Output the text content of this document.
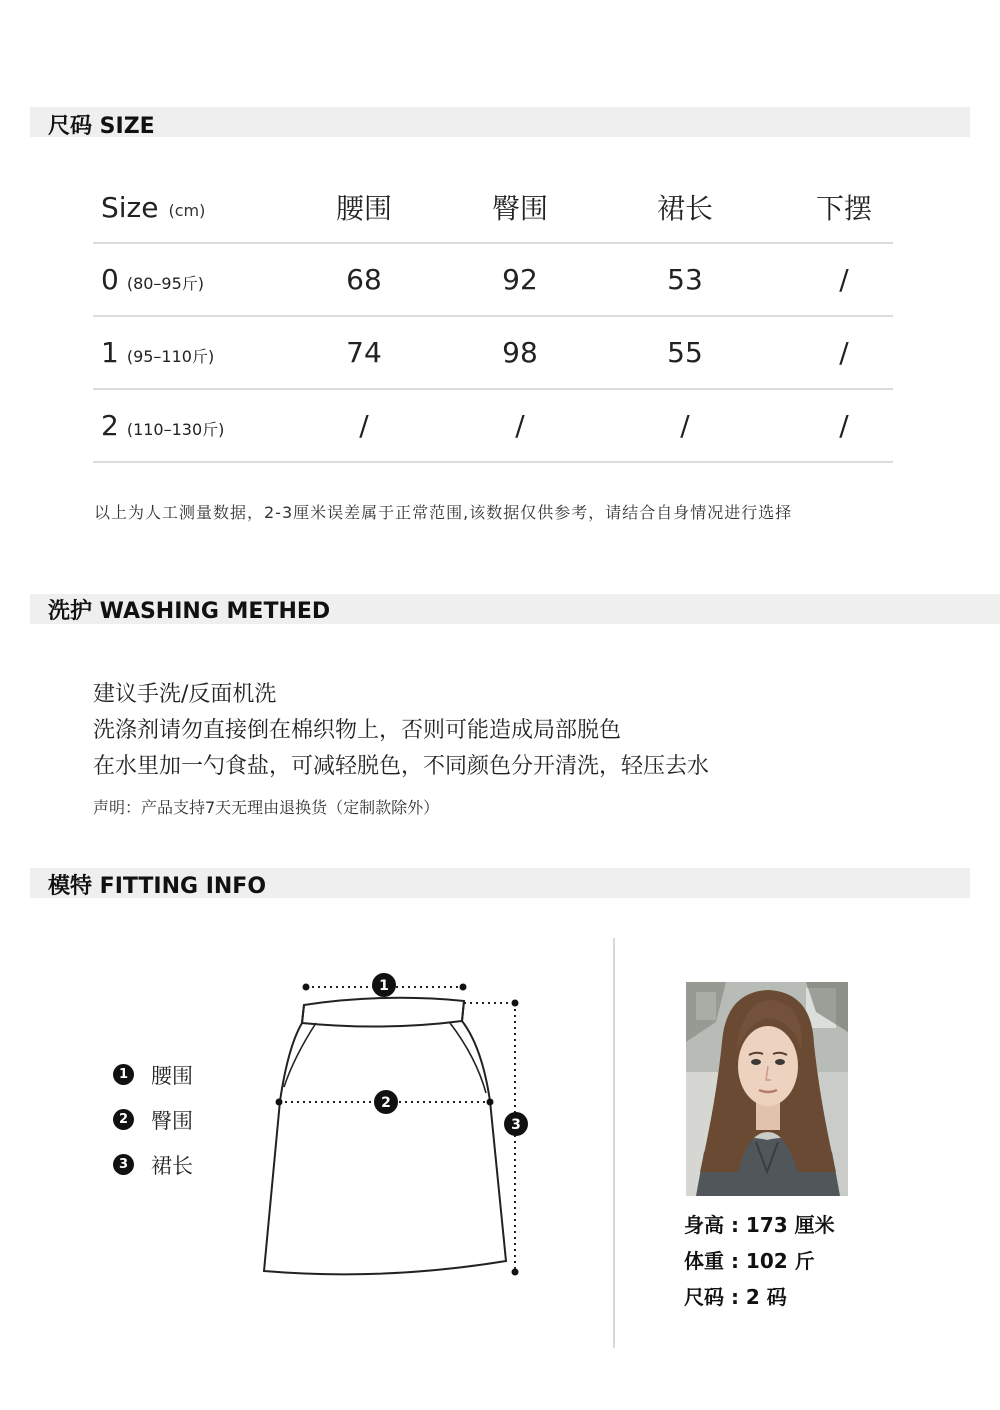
尺码 SIZE
Size (cm)	腰围	臀围	裙长	下摆
0 (80–95斤)	68	92	53	/
1 (95–110斤)	74	98	55	/
2 (110–130斤)	/	/	/	/
以上为人工测量数据，2-3厘米误差属于正常范围,该数据仅供参考，请结合自身情况进行选择
洗护 WASHING METHED
建议手洗/反面机洗
洗涤剂请勿直接倒在棉织物上，否则可能造成局部脱色
在水里加一勺食盐，可减轻脱色，不同颜色分开清洗，轻压去水
声明：产品支持7天无理由退换货（定制款除外）
模特 FITTING INFO
1 腰围
2 臀围
3 裙长
1
2
3
身高 : 173 厘米
体重 : 102 斤
尺码 : 2 码
